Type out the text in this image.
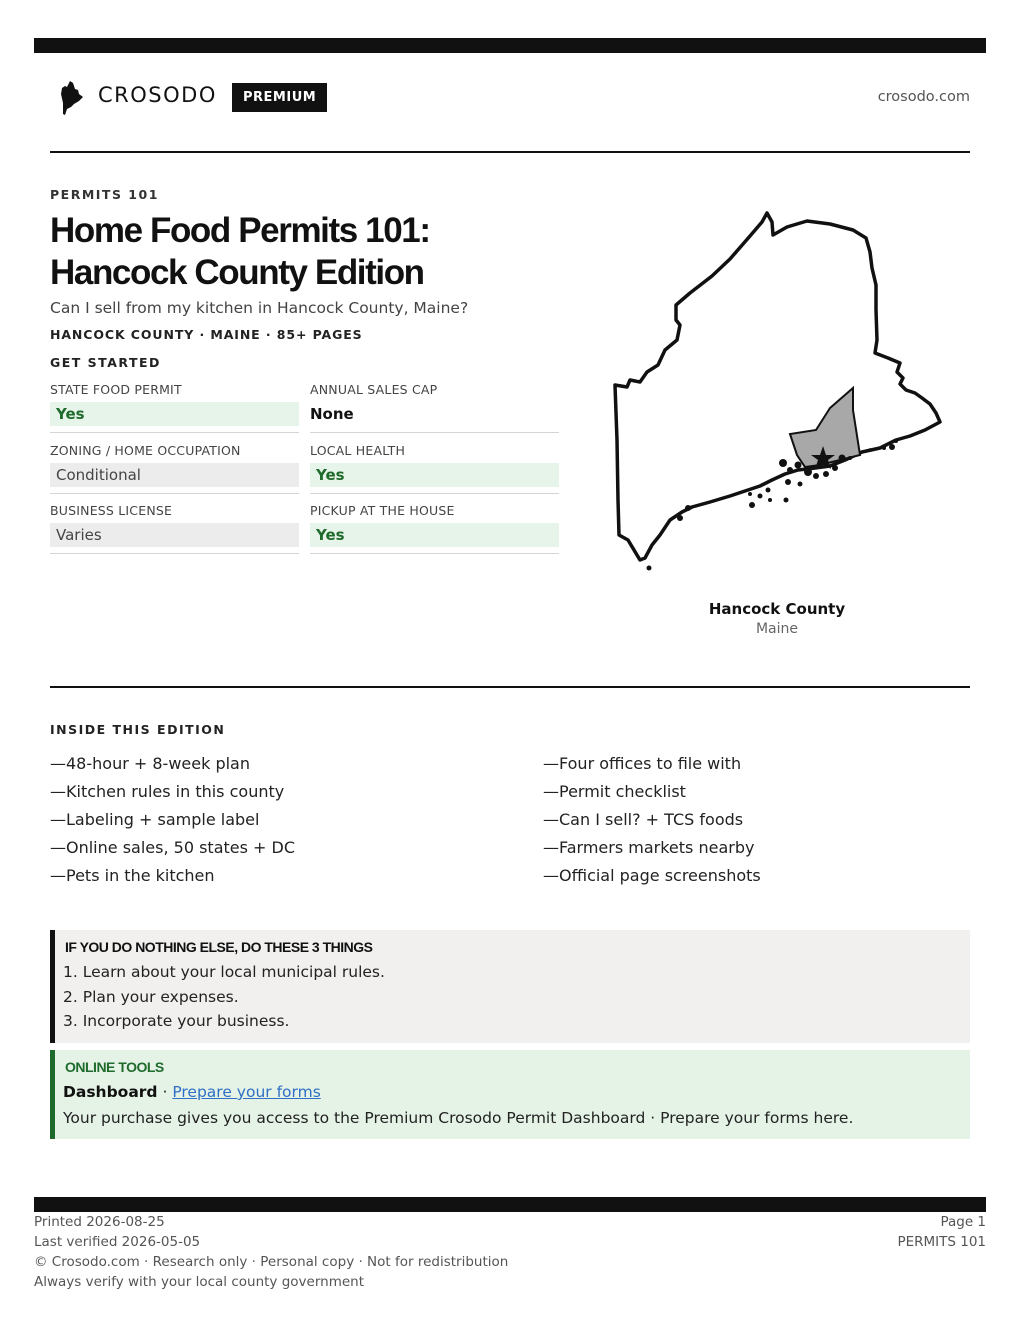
CROSODO	PREMIUM	crosodo.com
PERMITS 101
Home Food Permits 101:
Hancock County Edition
Can I sell from my kitchen in Hancock County, Maine?
HANCOCK COUNTY · MAINE · 85+ PAGES
GET STARTED
STATE FOOD PERMIT
Yes
ANNUAL SALES CAP
None
ZONING / HOME OCCUPATION
Conditional
LOCAL HEALTH
Yes
BUSINESS LICENSE
Varies
PICKUP AT THE HOUSE
Yes
Hancock County
Maine
INSIDE THIS EDITION
—48-hour + 8-week plan
—Kitchen rules in this county
—Labeling + sample label
—Online sales, 50 states + DC
—Pets in the kitchen
—Four offices to file with
—Permit checklist
—Can I sell? + TCS foods
—Farmers markets nearby
—Official page screenshots
IF YOU DO NOTHING ELSE, DO THESE 3 THINGS
1. Learn about your local municipal rules.
2. Plan your expenses.
3. Incorporate your business.
ONLINE TOOLS
Dashboard · Prepare your forms
Your purchase gives you access to the Premium Crosodo Permit Dashboard · Prepare your forms here.
Printed 2026-08-25
Last verified 2026-05-05
© Crosodo.com · Research only · Personal copy · Not for redistribution
Always verify with your local county government
Page 1
PERMITS 101
